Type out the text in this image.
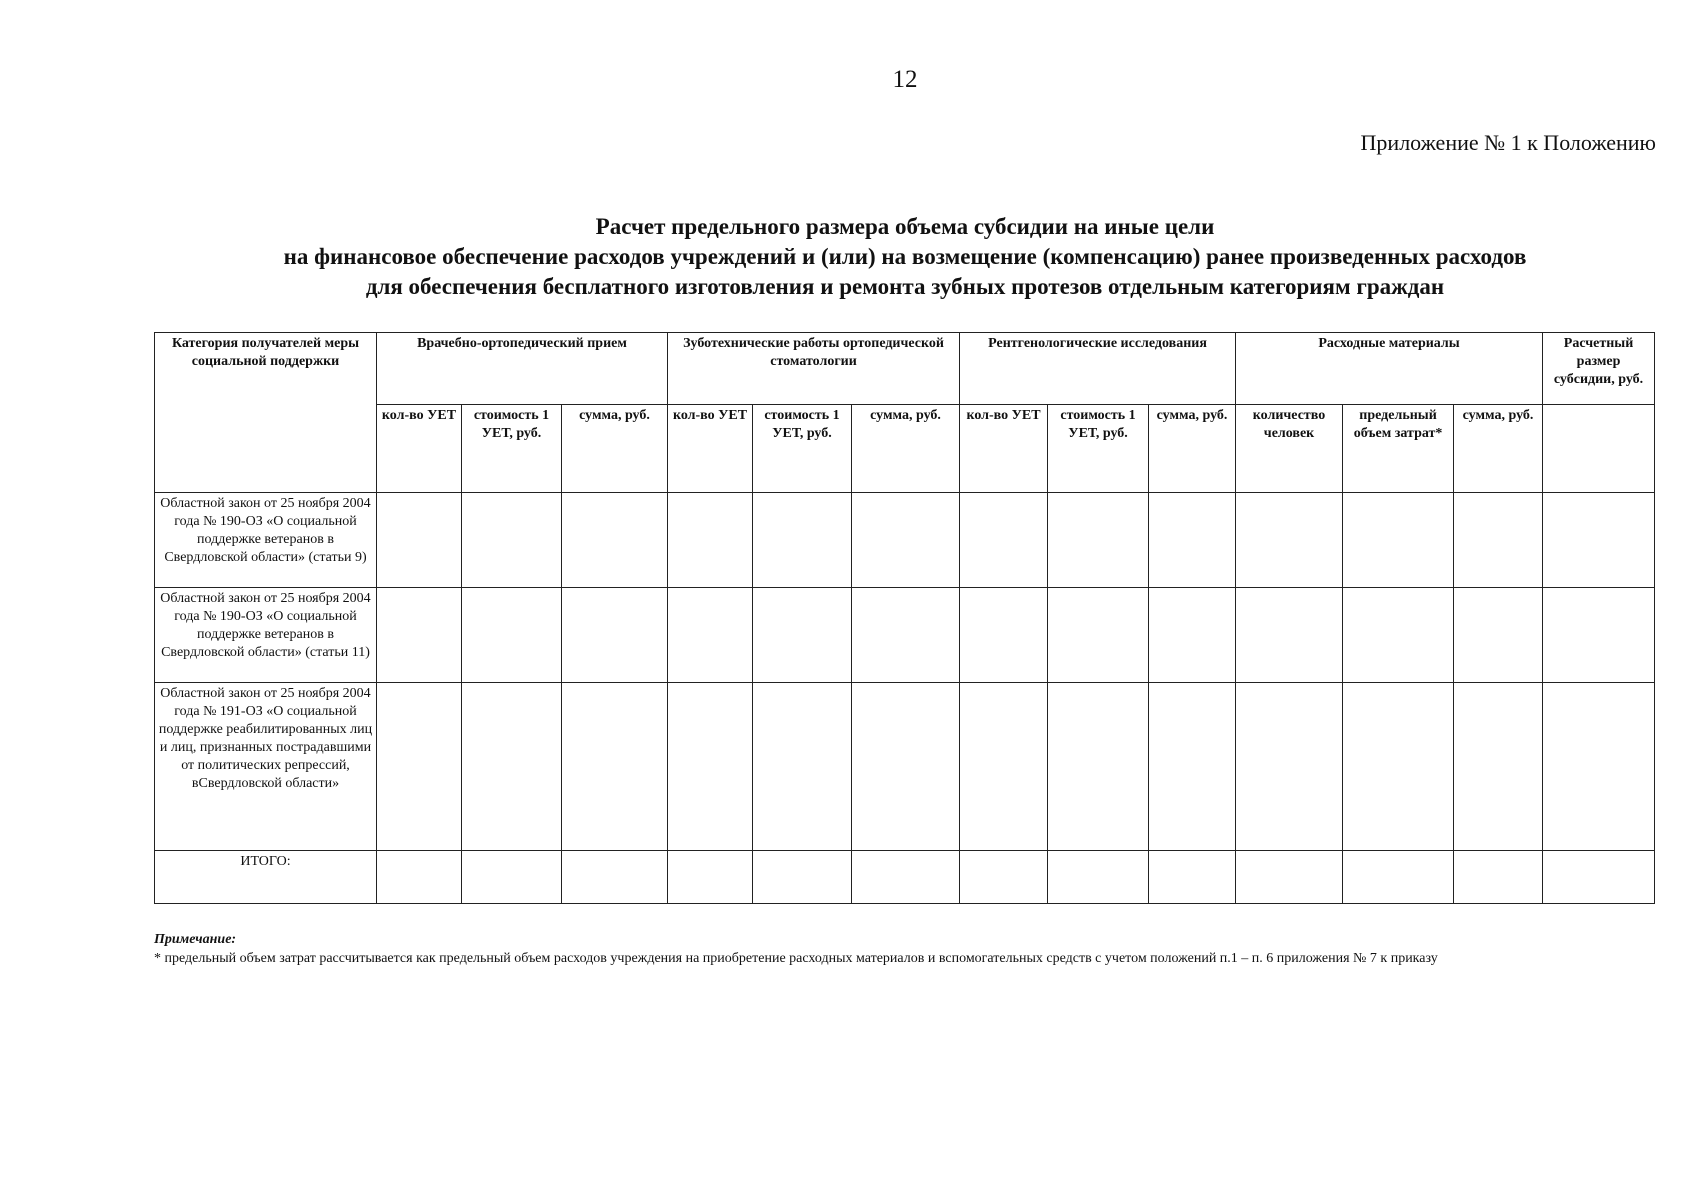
12
Приложение № 1 к Положению
Расчет предельного размера объема субсидии на иные цели
на финансовое обеспечение расходов учреждений и (или) на возмещение (компенсацию) ранее произведенных расходов
для обеспечения бесплатного изготовления и ремонта зубных протезов отдельным категориям граждан
Категория получателей меры социальной поддержки	Врачебно-ортопедический прием			Зуботехнические работы ортопедической стоматологии			Рентгенологические исследования			Расходные материалы			Расчетный размер субсидии, руб.
	кол-во УЕТ	стоимость 1 УЕТ, руб.	сумма, руб.	кол-во УЕТ	стоимость 1 УЕТ, руб.	сумма, руб.	кол-во УЕТ	стоимость 1 УЕТ, руб.	сумма, руб.	количество человек	предельный объем затрат*	сумма, руб.	
Областной закон от 25 ноября 2004 года № 190-ОЗ «О социальной поддержке ветеранов в Свердловской области» (статьи 9)													
Областной закон от 25 ноября 2004 года № 190-ОЗ «О социальной поддержке ветеранов в Свердловской области» (статьи 11)													
Областной закон от 25 ноября 2004 года № 191-ОЗ «О социальной поддержке реабилитированных лиц и лиц, признанных пострадавшими от политических репрессий, вСвердловской области»													
ИТОГО:													
Примечание:
* предельный объем затрат рассчитывается как предельный объем расходов учреждения на приобретение расходных материалов и вспомогательных средств с учетом положений п.1 – п. 6 приложения № 7 к приказу
